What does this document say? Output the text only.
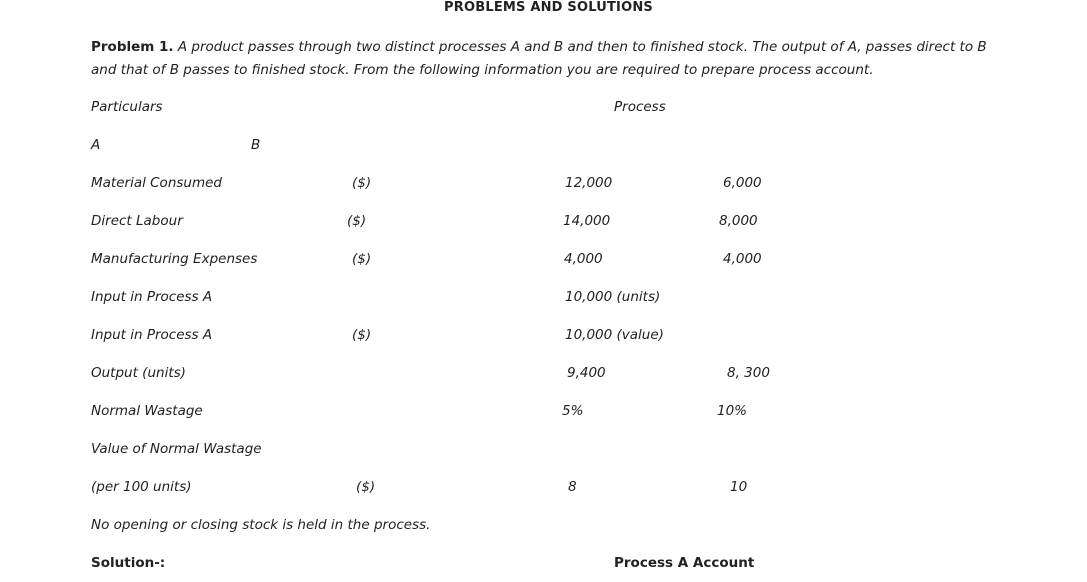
PROBLEMS AND SOLUTIONS
Problem 1. A product passes through two distinct processes A and B and then to finished stock. The output of A, passes direct to B and that of B passes to finished stock. From the following information you are required to prepare process account.
Particulars	Process
A	B
Material Consumed	($)	12,000	6,000
Direct Labour	($)	14,000	8,000
Manufacturing Expenses	($)	4,000	4,000
Input in Process A	10,000 (units)
Input in Process A	($)	10,000 (value)
Output (units)	9,400	8, 300
Normal Wastage	5%	10%
Value of Normal Wastage
(per 100 units)	($)	8	10
No opening or closing stock is held in the process.
Solution-:	Process A Account
